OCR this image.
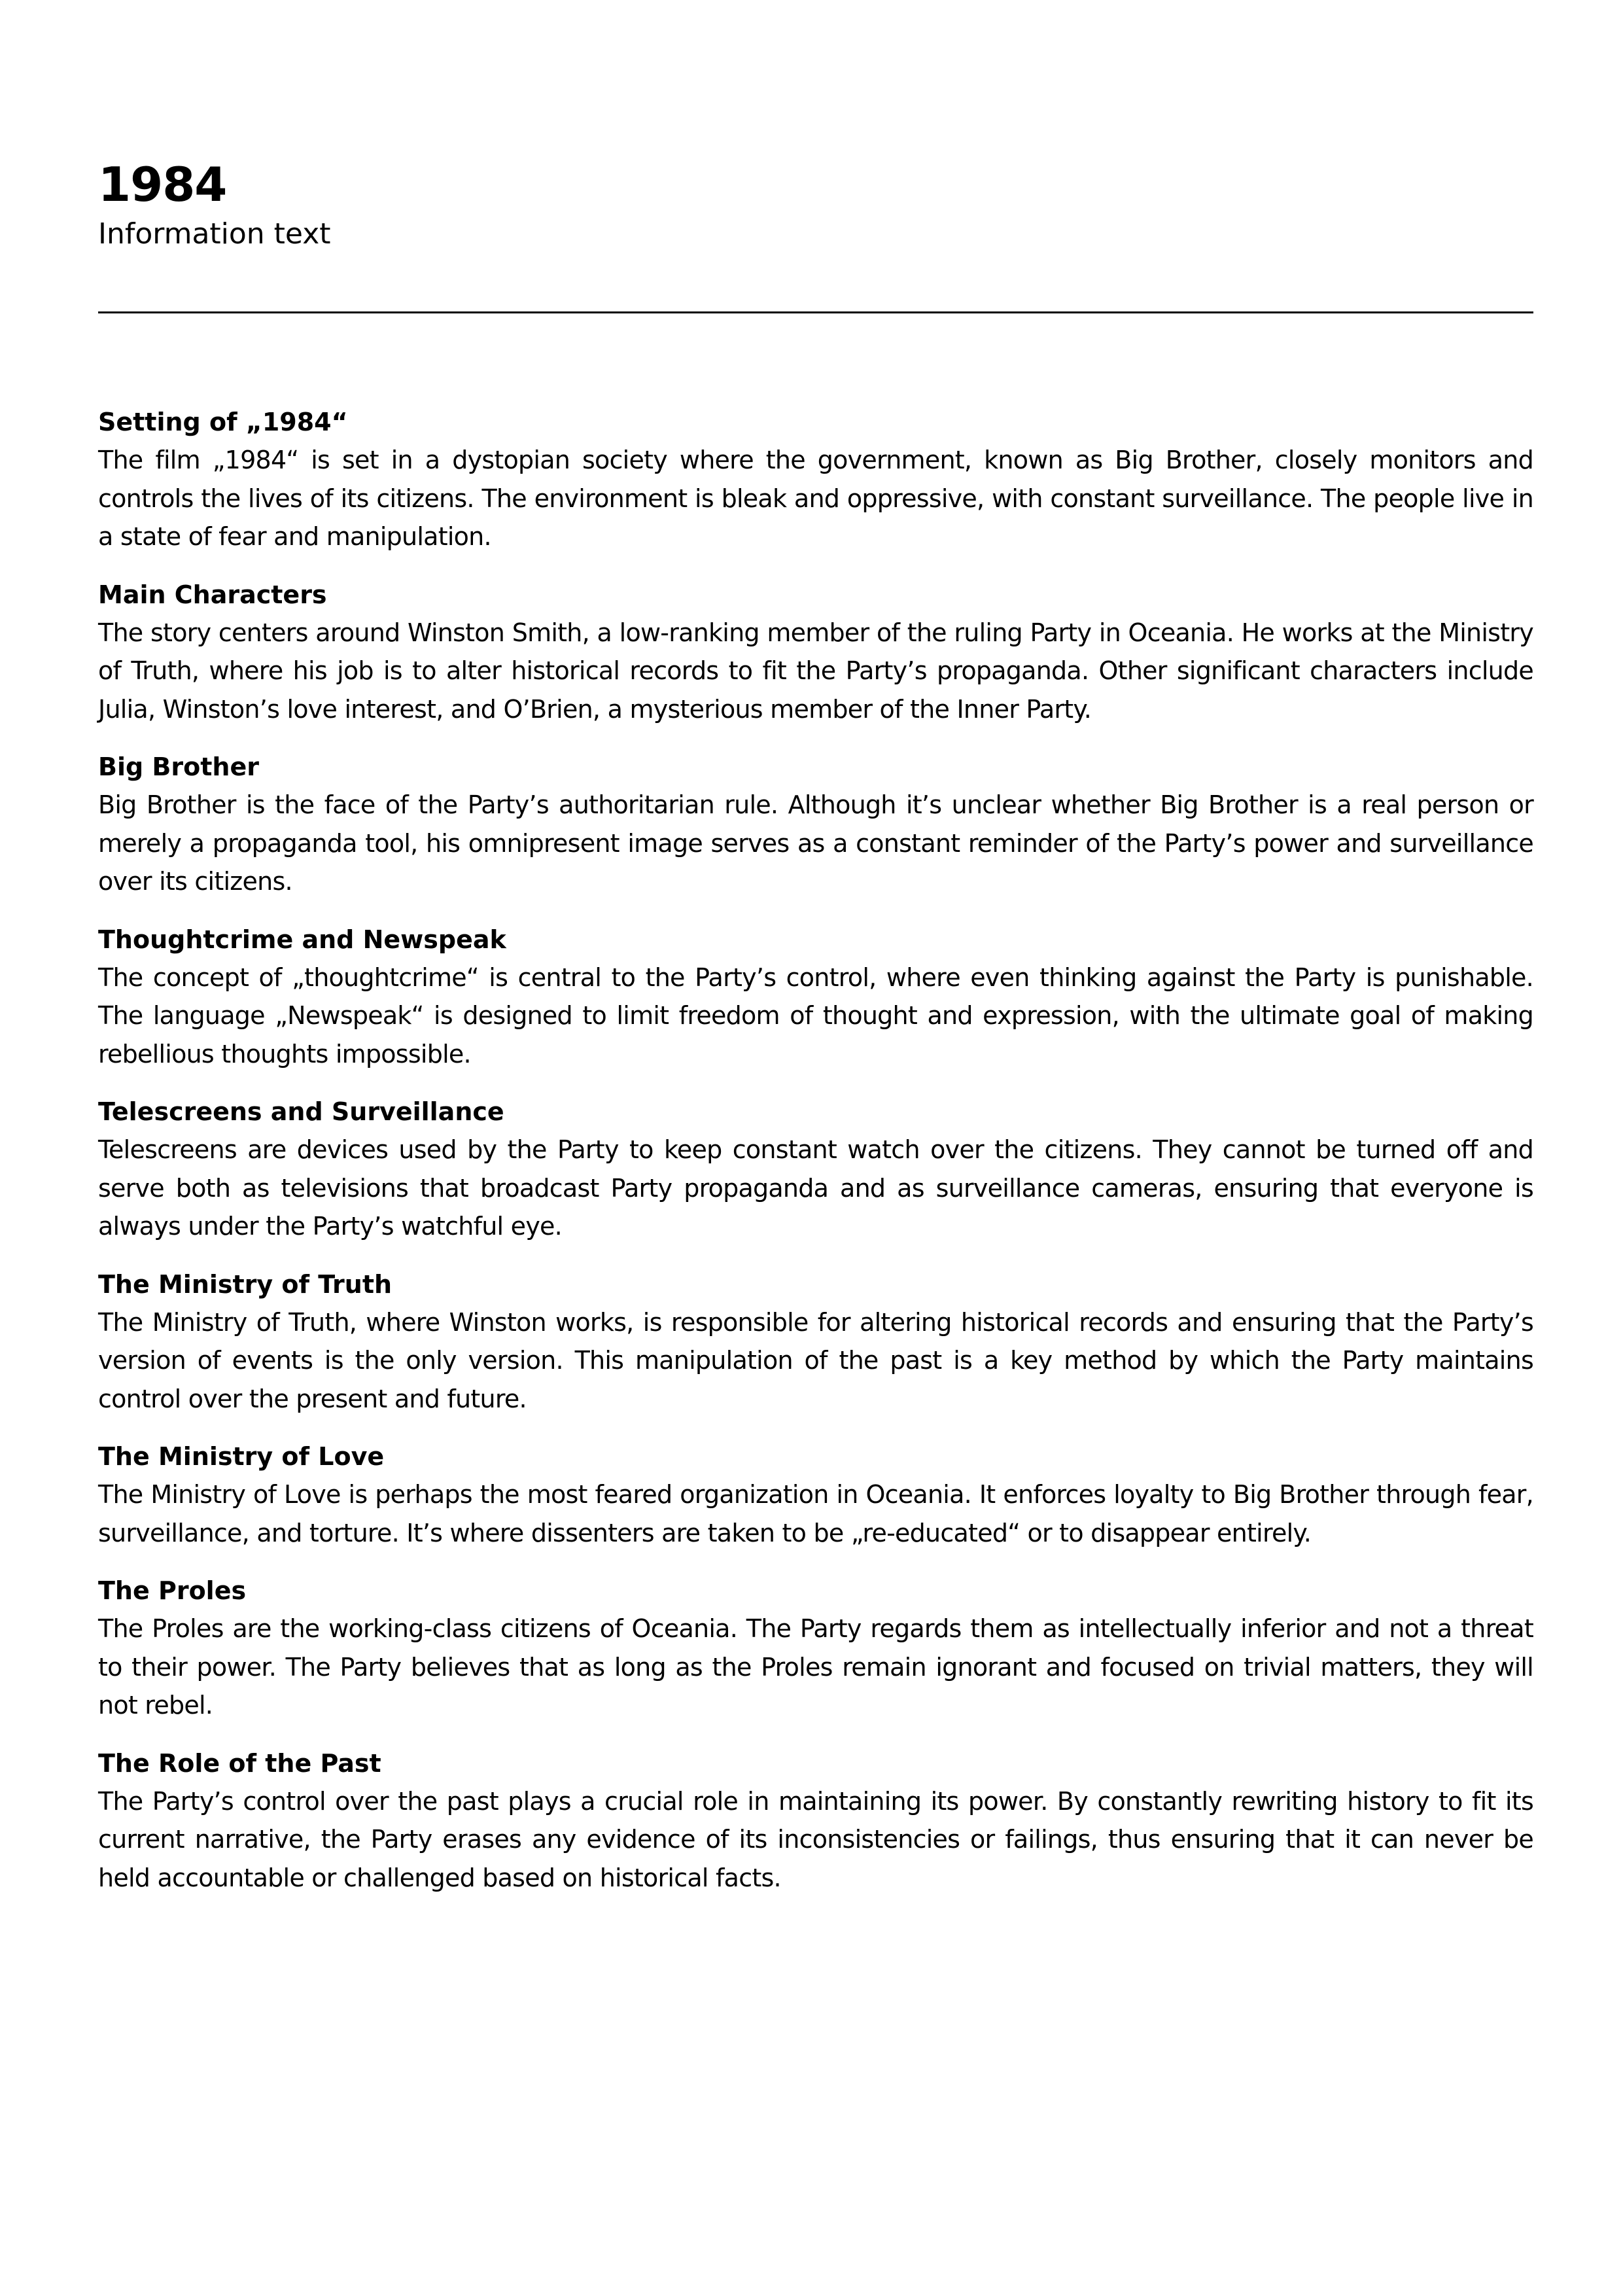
1984

Information text

Setting of „1984“

The film „1984“ is set in a dystopian society where the government, known as Big Brother, closely monitors and controls the lives of its citizens. The environment is bleak and oppressive, with constant surveillance. The people live in a state of fear and manipulation.

Main Characters

The story centers around Winston Smith, a low-ranking member of the ruling Party in Oceania. He works at the Ministry of Truth, where his job is to alter historical records to fit the Party’s propaganda. Other significant characters include Julia, Winston’s love interest, and O’Brien, a mysterious member of the Inner Party.

Big Brother

Big Brother is the face of the Party’s authoritarian rule. Although it’s unclear whether Big Brother is a real person or merely a propaganda tool, his omnipresent image serves as a constant reminder of the Party’s power and surveillance over its citizens.

Thoughtcrime and Newspeak

The concept of „thoughtcrime“ is central to the Party’s control, where even thinking against the Party is punishable. The language „Newspeak“ is designed to limit freedom of thought and expression, with the ultimate goal of making rebellious thoughts impossible.

Telescreens and Surveillance

Telescreens are devices used by the Party to keep constant watch over the citizens. They cannot be turned off and serve both as televisions that broadcast Party propaganda and as surveillance cameras, ensuring that everyone is always under the Party’s watchful eye.

The Ministry of Truth

The Ministry of Truth, where Winston works, is responsible for altering historical records and ensuring that the Party’s version of events is the only version. This manipulation of the past is a key method by which the Party maintains control over the present and future.

The Ministry of Love

The Ministry of Love is perhaps the most feared organization in Oceania. It enforces loyalty to Big Brother through fear, surveillance, and torture. It’s where dissenters are taken to be „re-educated“ or to disappear entirely.

The Proles

The Proles are the working-class citizens of Oceania. The Party regards them as intellectually inferior and not a threat to their power. The Party believes that as long as the Proles remain ignorant and focused on trivial matters, they will not rebel.

The Role of the Past

The Party’s control over the past plays a crucial role in maintaining its power. By constantly rewriting history to fit its current narrative, the Party erases any evidence of its inconsistencies or failings, thus ensuring that it can never be held accountable or challenged based on historical facts.
